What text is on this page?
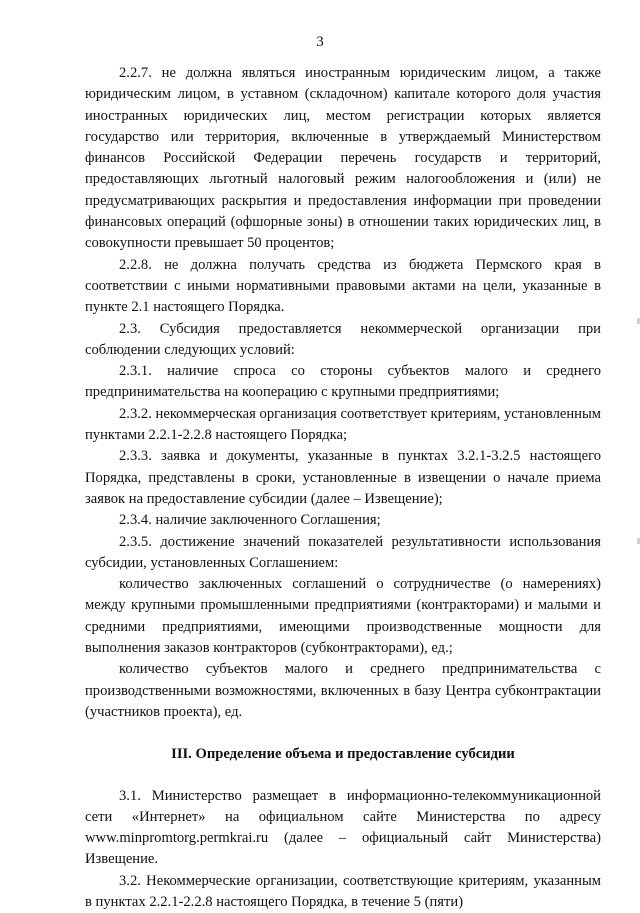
3

2.2.7. не должна являться иностранным юридическим лицом, а также юридическим лицом, в уставном (складочном) капитале которого доля участия иностранных юридических лиц, местом регистрации которых является государство или территория, включенные в утверждаемый Министерством финансов Российской Федерации перечень государств и территорий, предоставляющих льготный налоговый режим налогообложения и (или) не предусматривающих раскрытия и предоставления информации при проведении финансовых операций (офшорные зоны) в отношении таких юридических лиц, в совокупности превышает 50 процентов;

2.2.8. не должна получать средства из бюджета Пермского края в соответствии с иными нормативными правовыми актами на цели, указанные в пункте 2.1 настоящего Порядка.

2.3. Субсидия предоставляется некоммерческой организации при соблюдении следующих условий:

2.3.1. наличие спроса со стороны субъектов малого и среднего предпринимательства на кооперацию с крупными предприятиями;

2.3.2. некоммерческая организация соответствует критериям, установленным пунктами 2.2.1-2.2.8 настоящего Порядка;

2.3.3. заявка и документы, указанные в пунктах 3.2.1-3.2.5 настоящего Порядка, представлены в сроки, установленные в извещении о начале приема заявок на предоставление субсидии (далее – Извещение);

2.3.4. наличие заключенного Соглашения;

2.3.5. достижение значений показателей результативности использования субсидии, установленных Соглашением:

количество заключенных соглашений о сотрудничестве (о намерениях) между крупными промышленными предприятиями (контракторами) и малыми и средними предприятиями, имеющими производственные мощности для выполнения заказов контракторов (субконтракторами), ед.;

количество субъектов малого и среднего предпринимательства с производственными возможностями, включенных в базу Центра субконтрактации (участников проекта), ед.

III. Определение объема и предоставление субсидии

3.1. Министерство размещает в информационно-телекоммуникационной сети «Интернет» на официальном сайте Министерства по адресу www.minpromtorg.permkrai.ru (далее – официальный сайт Министерства) Извещение.

3.2. Некоммерческие организации, соответствующие критериям, указанным в пунктах 2.2.1-2.2.8 настоящего Порядка, в течение 5 (пяти)
